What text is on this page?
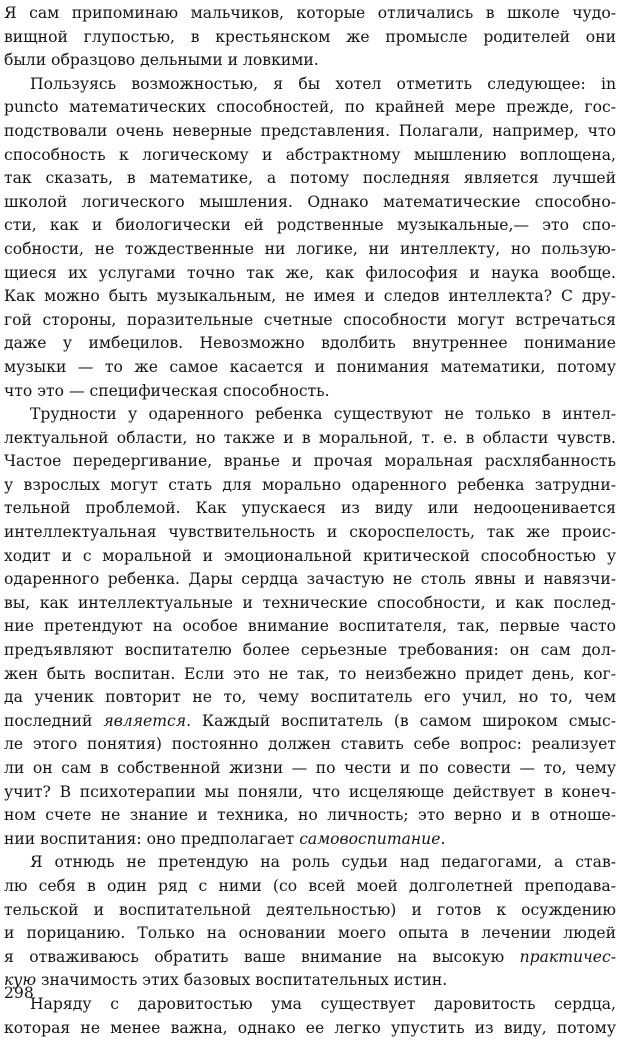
Я сам припоминаю мальчиков, которые отличались в школе чудо-
вищной глупостью, в крестьянском же промысле родителей они
были образцово дельными и ловкими.
Пользуясь возможностью, я бы хотел отметить следующее: in
puncto математических способностей, по крайней мере прежде, гос-
подствовали очень неверные представления. Полагали, например, что
способность к логическому и абстрактному мышлению воплощена,
так сказать, в математике, а потому последняя является лучшей
школой логического мышления. Однако математические способно-
сти, как и биологически ей родственные музыкальные,— это спо-
собности, не тождественные ни логике, ни интеллекту, но пользую-
щиеся их услугами точно так же, как философия и наука вообще.
Как можно быть музыкальным, не имея и следов интеллекта? С дру-
гой стороны, поразительные счетные способности могут встречаться
даже у имбецилов. Невозможно вдолбить внутреннее понимание
музыки — то же самое касается и понимания математики, потому
что это — специфическая способность.
Трудности у одаренного ребенка существуют не только в интел-
лектуальной области, но также и в моральной, т. е. в области чувств.
Частое передергивание, вранье и прочая моральная расхлябанность
у взрослых могут стать для морально одаренного ребенка затрудни-
тельной проблемой. Как упускаеся из виду или недооценивается
интеллектуальная чувствительность и скороспелость, так же проис-
ходит и с моральной и эмоциональной критической способностью у
одаренного ребенка. Дары сердца зачастую не столь явны и навязчи-
вы, как интеллектуальные и технические способности, и как послед-
ние претендуют на особое внимание воспитателя, так, первые часто
предъявляют воспитателю более серьезные требования: он сам дол-
жен быть воспитан. Если это не так, то неизбежно придет день, ког-
да ученик повторит не то, чему воспитатель его учил, но то, чем
последний является. Каждый воспитатель (в самом широком смыс-
ле этого понятия) постоянно должен ставить себе вопрос: реализует
ли он сам в собственной жизни — по чести и по совести — то, чему
учит? В психотерапии мы поняли, что исцеляюще действует в конеч-
ном счете не знание и техника, но личность; это верно и в отноше-
нии воспитания: оно предполагает самовоспитание.
Я отнюдь не претендую на роль судьи над педагогами, а став-
лю себя в один ряд с ними (со всей моей долголетней преподава-
тельской и воспитательной деятельностью) и готов к осуждению
и порицанию. Только на основании моего опыта в лечении людей
я отваживаюсь обратить ваше внимание на высокую практичес-
кую значимость этих базовых воспитательных истин.
Наряду с даровитостью ума существует даровитость сердца,
которая не менее важна, однако ее легко упустить из виду, потому
298
